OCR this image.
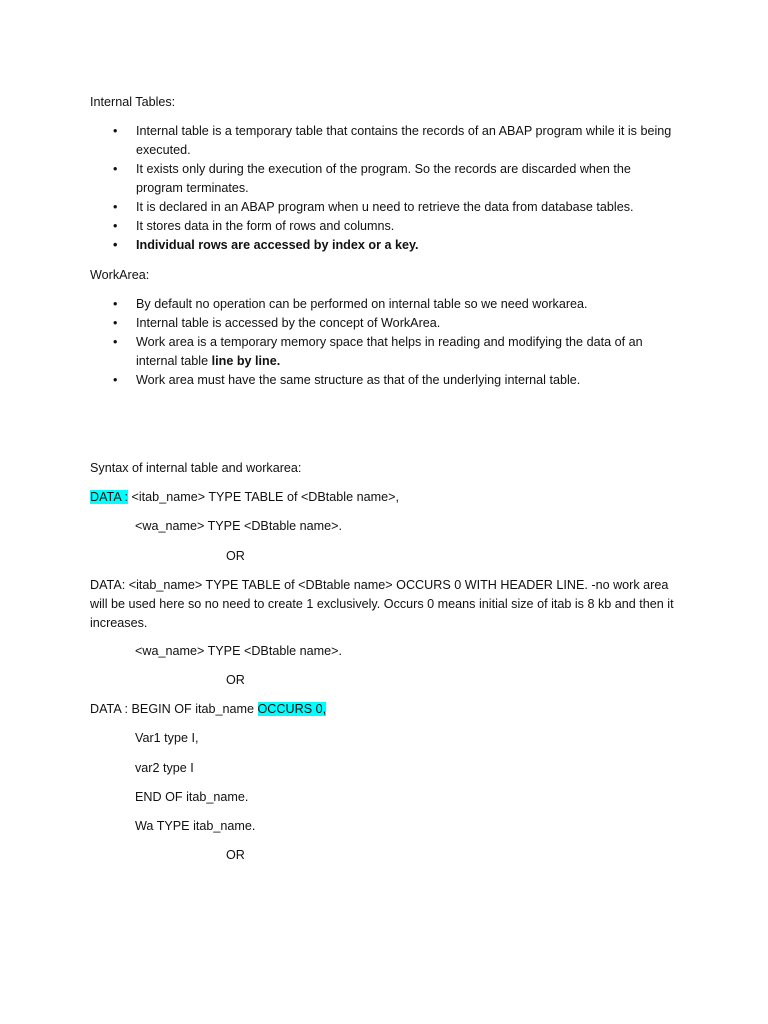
Internal Tables:
• Internal table is a temporary table that contains the records of an ABAP program while it is being executed.
• It exists only during the execution of the program. So the records are discarded when the program terminates.
• It is declared in an ABAP program when u need to retrieve the data from database tables.
• It stores data in the form of rows and columns.
• Individual rows are accessed by index or a key.
WorkArea:
• By default no operation can be performed on internal table so we need workarea.
• Internal table is accessed by the concept of WorkArea.
• Work area is a temporary memory space that helps in reading and modifying the data of an internal table line by line.
• Work area must have the same structure as that of the underlying internal table.
Syntax of internal table and workarea:
DATA : <itab_name> TYPE TABLE of <DBtable name>,
<wa_name> TYPE <DBtable name>.
OR
DATA: <itab_name> TYPE TABLE of <DBtable name> OCCURS 0 WITH HEADER LINE. -no work area will be used here so no need to create 1 exclusively. Occurs 0 means initial size of itab is 8 kb and then it increases.
<wa_name> TYPE <DBtable name>.
OR
DATA : BEGIN OF itab_name OCCURS 0,
Var1 type I,
var2 type I
END OF itab_name.
Wa TYPE itab_name.
OR
